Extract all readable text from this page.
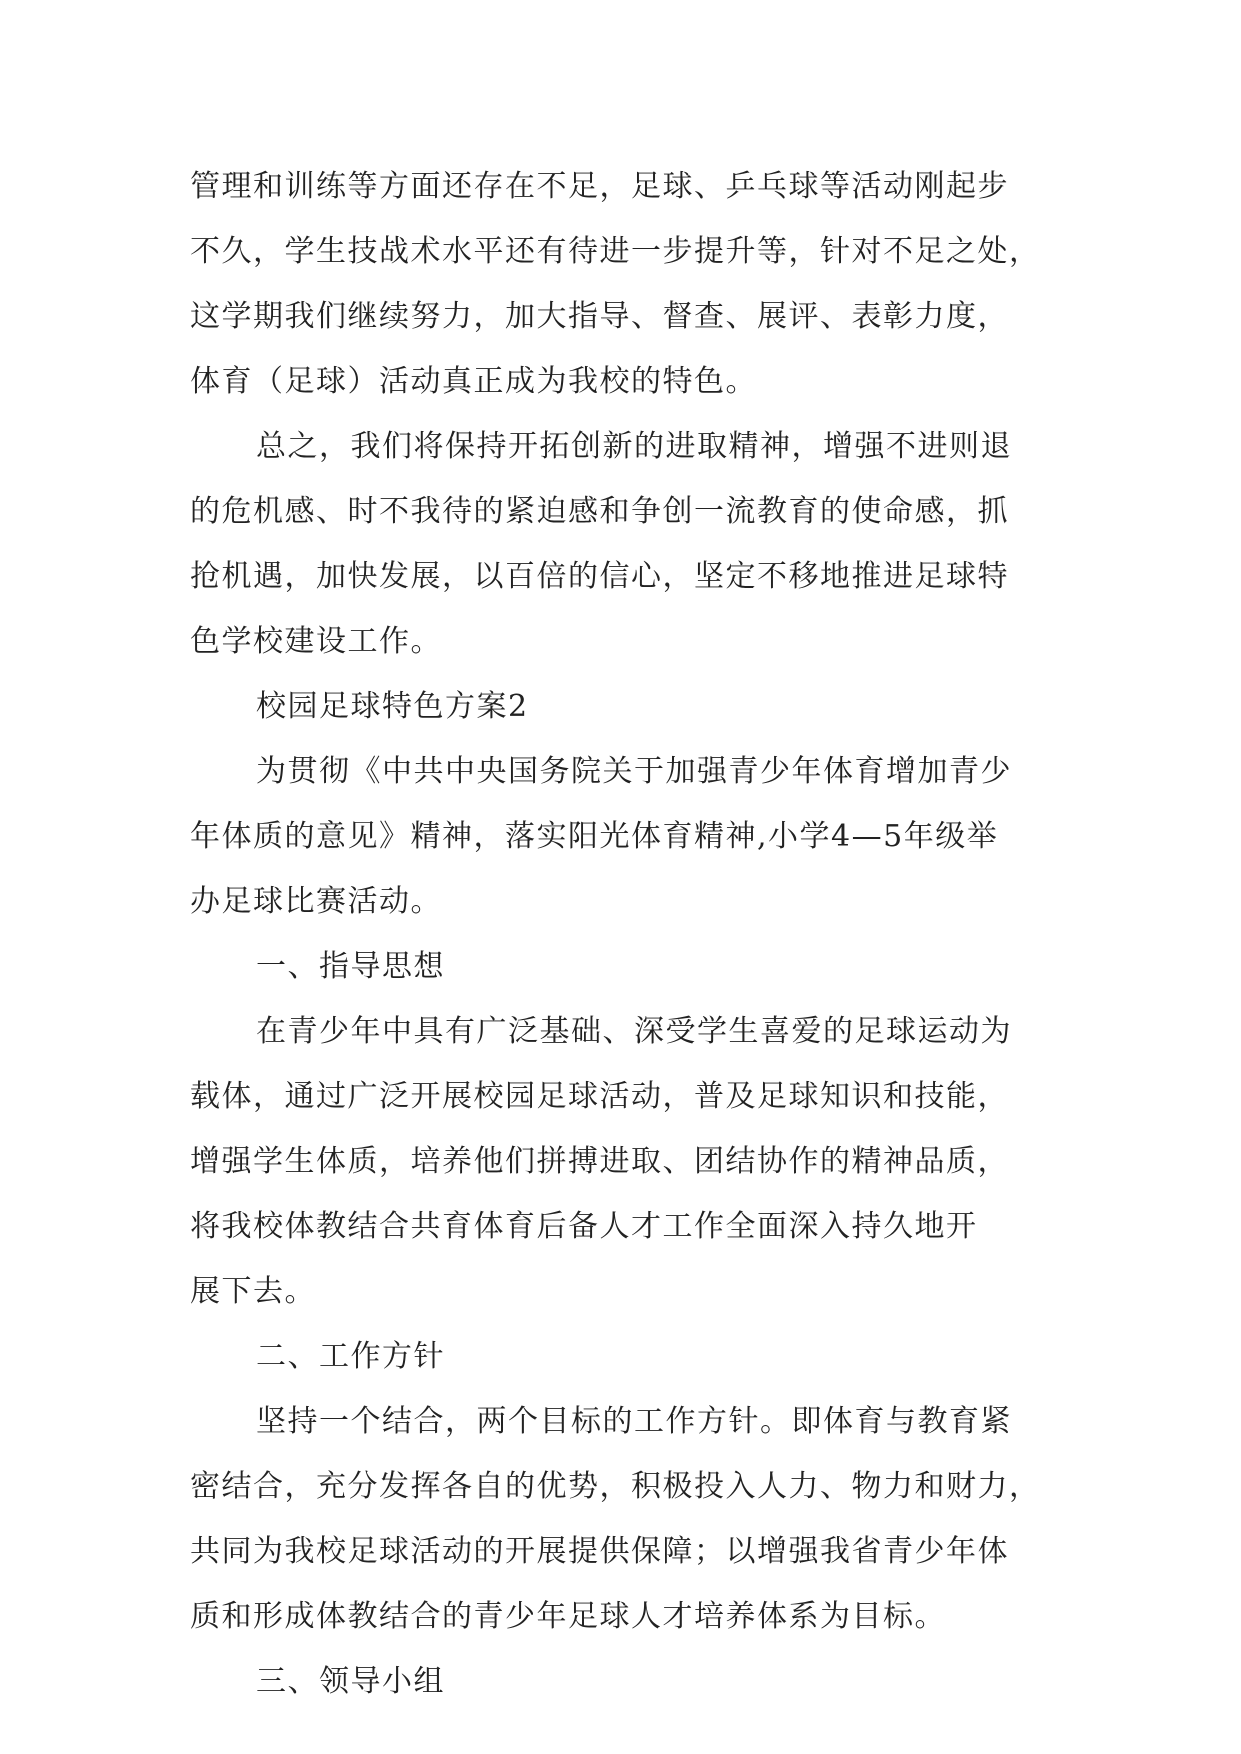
管理和训练等方面还存在不足，足球、乒乓球等活动刚起步
不久，学生技战术水平还有待进一步提升等，针对不足之处，
这学期我们继续努力，加大指导、督查、展评、表彰力度，
体育（足球）活动真正成为我校的特色。
总之，我们将保持开拓创新的进取精神，增强不进则退
的危机感、时不我待的紧迫感和争创一流教育的使命感，抓
抢机遇，加快发展，以百倍的信心，坚定不移地推进足球特
色学校建设工作。
校园足球特色方案2
为贯彻《中共中央国务院关于加强青少年体育增加青少
年体质的意见》精神，落实阳光体育精神,小学4—5年级举
办足球比赛活动。
一、指导思想
在青少年中具有广泛基础、深受学生喜爱的足球运动为
载体，通过广泛开展校园足球活动，普及足球知识和技能，
增强学生体质，培养他们拼搏进取、团结协作的精神品质，
将我校体教结合共育体育后备人才工作全面深入持久地开
展下去。
二、工作方针
坚持一个结合，两个目标的工作方针。即体育与教育紧
密结合，充分发挥各自的优势，积极投入人力、物力和财力，
共同为我校足球活动的开展提供保障；以增强我省青少年体
质和形成体教结合的青少年足球人才培养体系为目标。
三、领导小组
